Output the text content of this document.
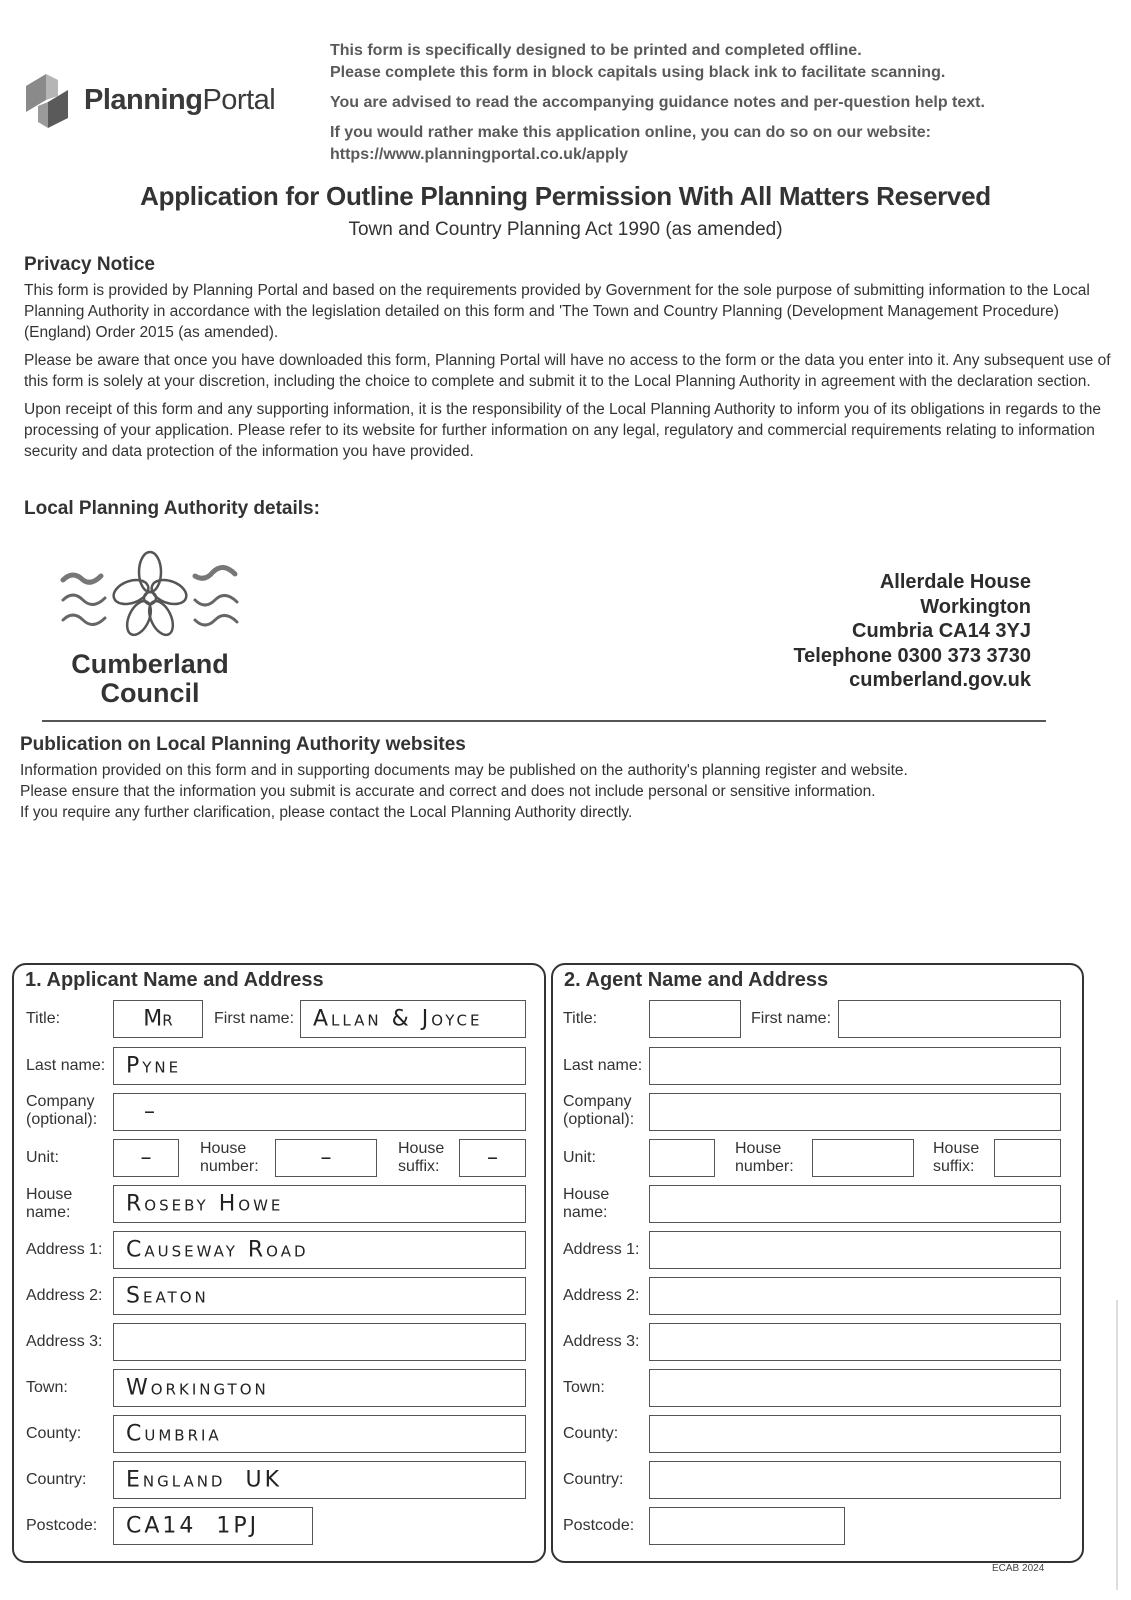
PlanningPortal

This form is specifically designed to be printed and completed offline.
Please complete this form in block capitals using black ink to facilitate scanning.

You are advised to read the accompanying guidance notes and per-question help text.

If you would rather make this application online, you can do so on our website:
https://www.planningportal.co.uk/apply

Application for Outline Planning Permission With All Matters Reserved
Town and Country Planning Act 1990 (as amended)
Privacy Notice

This form is provided by Planning Portal and based on the requirements provided by Government for the sole purpose of submitting information to the Local Planning Authority in accordance with the legislation detailed on this form and 'The Town and Country Planning (Development Management Procedure) (England) Order 2015 (as amended).

Please be aware that once you have downloaded this form, Planning Portal will have no access to the form or the data you enter into it. Any subsequent use of this form is solely at your discretion, including the choice to complete and submit it to the Local Planning Authority in agreement with the declaration section.

Upon receipt of this form and any supporting information, it is the responsibility of the Local Planning Authority to inform you of its obligations in regards to the processing of your application. Please refer to its website for further information on any legal, regulatory and commercial requirements relating to information security and data protection of the information you have provided.

Local Planning Authority details:
Cumberland
Council
Allerdale House
Workington
Cumbria CA14 3YJ
Telephone 0300 373 3730
cumberland.gov.uk
Publication on Local Planning Authority websites
Information provided on this form and in supporting documents may be published on the authority's planning register and website.
Please ensure that the information you submit is accurate and correct and does not include personal or sensitive information.
If you require any further clarification, please contact the Local Planning Authority directly.
1. Applicant Name and Address
Title:	Mr	First name: Allan & Joyce
Last name: Pyne
Company
(optional): –
Unit:	–	House
number:	–	House
suffix:	–
House
name:	Roseby Howe
Address 1: Causeway Road
Address 2: Seaton
Address 3:
Town:	Workington
County: Cumbria
Country: England  UK
Postcode: CA14  1PJ
2. Agent Name and Address
Title:	First name:
Last name:
Company
(optional):
Unit:
House
number:
House
suffix:
House
name:
Address 1:
Address 2:
Address 3:
Town:
County:
Country:
Postcode:
ECAB 2024
